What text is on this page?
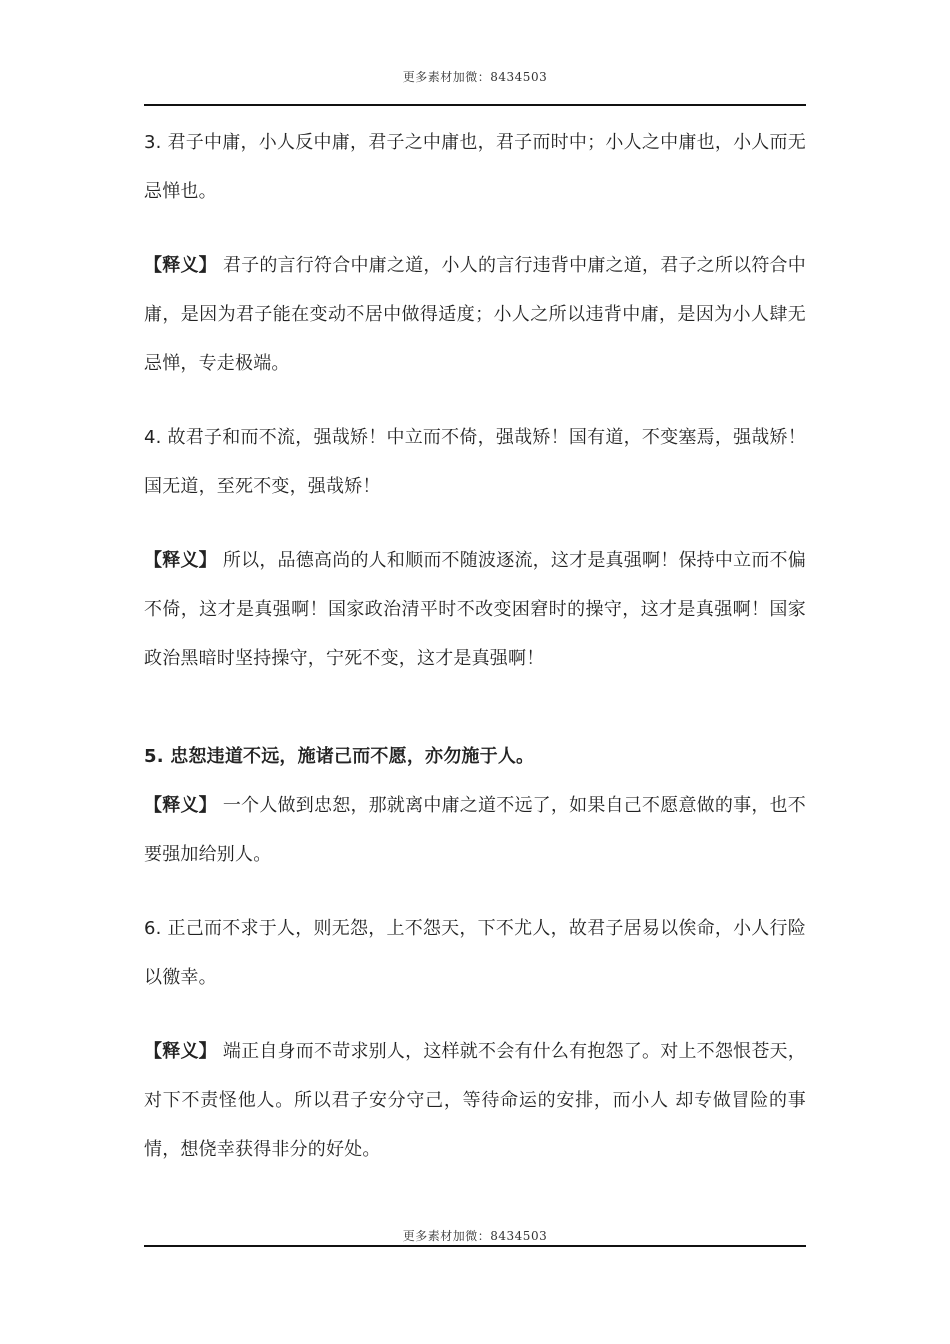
更多素材加微：8434503

3. 君子中庸，小人反中庸，君子之中庸也，君子而时中；小人之中庸也，小人而无忌惮也。

【释义】 君子的言行符合中庸之道，小人的言行违背中庸之道，君子之所以符合中庸，是因为君子能在变动不居中做得适度；小人之所以违背中庸，是因为小人肆无忌惮，专走极端。

4. 故君子和而不流，强哉矫！中立而不倚，强哉矫！国有道，不变塞焉，强哉矫！国无道，至死不变，强哉矫！

【释义】 所以，品德高尚的人和顺而不随波逐流，这才是真强啊！保持中立而不偏不倚，这才是真强啊！国家政治清平时不改变困窘时的操守，这才是真强啊！国家政治黑暗时坚持操守，宁死不变，这才是真强啊！

5. 忠恕违道不远，施诸己而不愿，亦勿施于人。

【释义】 一个人做到忠恕，那就离中庸之道不远了，如果自己不愿意做的事，也不要强加给别人。

6. 正己而不求于人，则无怨，上不怨天，下不尤人，故君子居易以俟命，小人行险以徼幸。

【释义】 端正自身而不苛求别人，这样就不会有什么有抱怨了。对上不怨恨苍天，对下不责怪他人。所以君子安分守己，等待命运的安排，而小人 却专做冒险的事情，想侥幸获得非分的好处。

更多素材加微：8434503
